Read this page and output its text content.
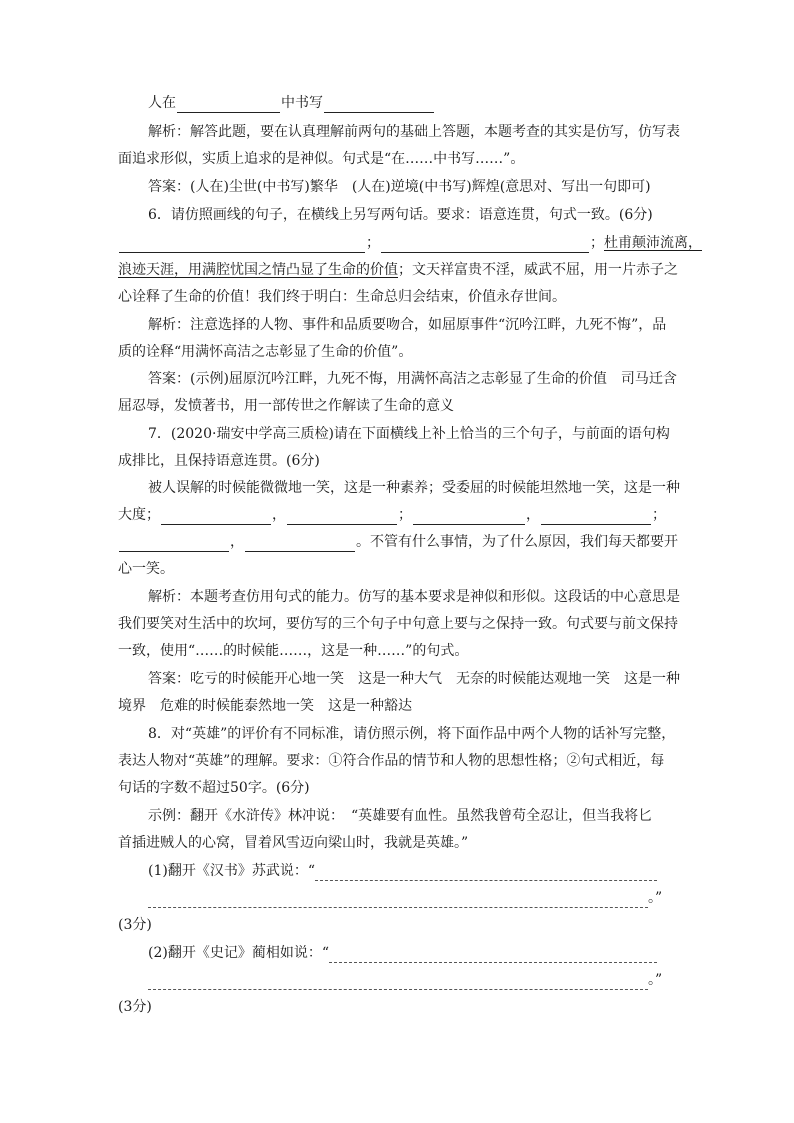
人在	中书写
解析：解答此题，要在认真理解前两句的基础上答题，本题考查的其实是仿写，仿写表
面追求形似，实质上追求的是神似。句式是“在……中书写……”。
答案：(人在)尘世(中书写)繁华　(人在)逆境(中书写)辉煌(意思对、写出一句即可)
6．请仿照画线的句子，在横线上另写两句话。要求：语意连贯，句式一致。(6分)
；	；杜甫颠沛流离，
浪迹天涯，用满腔忧国之情凸显了生命的价值；文天祥富贵不淫，威武不屈，用一片赤子之
心诠释了生命的价值！我们终于明白：生命总归会结束，价值永存世间。
解析：注意选择的人物、事件和品质要吻合，如屈原事件“沉吟江畔，九死不悔”，品
质的诠释“用满怀高洁之志彰显了生命的价值”。
答案：(示例)屈原沉吟江畔，九死不悔，用满怀高洁之志彰显了生命的价值　司马迁含
屈忍辱，发愤著书，用一部传世之作解读了生命的意义
7．(2020·瑞安中学高三质检)请在下面横线上补上恰当的三个句子，与前面的语句构
成排比，且保持语意连贯。(6分)
被人误解的时候能微微地一笑，这是一种素养；受委屈的时候能坦然地一笑，这是一种
大度；	，	；	，	；
，	。不管有什么事情，为了什么原因，我们每天都要开
心一笑。
解析：本题考查仿用句式的能力。仿写的基本要求是神似和形似。这段话的中心意思是
我们要笑对生活中的坎坷，要仿写的三个句子中句意上要与之保持一致。句式要与前文保持
一致，使用“……的时候能……，这是一种……”的句式。
答案：吃亏的时候能开心地一笑　这是一种大气　无奈的时候能达观地一笑　这是一种
境界　危难的时候能泰然地一笑　这是一种豁达
8．对“英雄”的评价有不同标准，请仿照示例，将下面作品中两个人物的话补写完整，
表达人物对“英雄”的理解。要求：①符合作品的情节和人物的思想性格；②句式相近，每
句话的字数不超过50字。(6分)
示例：翻开《水浒传》林冲说：　“英雄要有血性。虽然我曾苟全忍让，但当我将匕
首插进贼人的心窝，冒着风雪迈向梁山时，我就是英雄。”
(1)翻开《汉书》苏武说：“
。”
(3分)
(2)翻开《史记》蔺相如说：“
。”
(3分)
